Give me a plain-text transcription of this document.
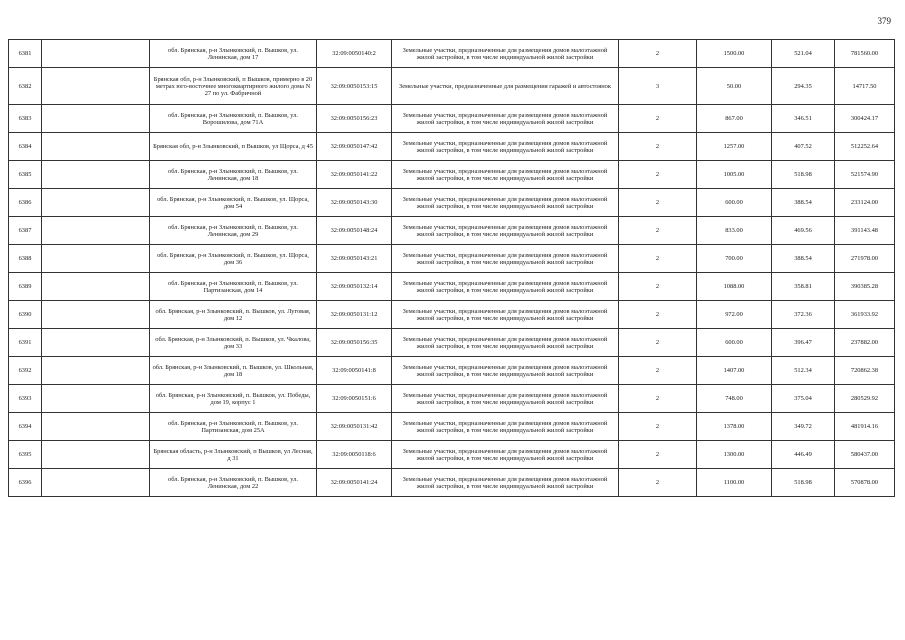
379
6381		обл. Брянская, р-н Злынковский, п. Вышков, ул. Ленинская, дом 17	32:09:0050140:2	Земельные участки, предназначенные для размещения домов малоэтажной жилой застройки, в том числе индивидуальной жилой застройки	2	1500.00	521.04	781560.00
6382		Брянская обл, р-н Злынковский, п Вышков, примерно в 20 метрах юго-восточнее многоквартирного жилого дома N 27 по ул. Фабричной	32:09:0050153:15	Земельные участки, предназначенные для размещения гаражей и автостоянок	3	50.00	294.35	14717.50
6383		обл. Брянская, р-н Злынковский, п. Вышков, ул. Ворошилова, дом 71А	32:09:0050156:23	Земельные участки, предназначенные для размещения домов малоэтажной жилой застройки, в том числе индивидуальной жилой застройки	2	867.00	346.51	300424.17
6384		Брянская обл, р-н Злынковский, п Вышков, ул Щорса, д 45	32:09:0050147:42	Земельные участки, предназначенные для размещения домов малоэтажной жилой застройки, в том числе индивидуальной жилой застройки	2	1257.00	407.52	512252.64
6385		обл. Брянская, р-н Злынковский, п. Вышков, ул. Ленинская, дом 18	32:09:0050141:22	Земельные участки, предназначенные для размещения домов малоэтажной жилой застройки, в том числе индивидуальной жилой застройки	2	1005.00	518.98	521574.90
6386		обл. Брянская, р-н Злынковский, п. Вышков, ул. Щорса, дом 54	32:09:0050143:30	Земельные участки, предназначенные для размещения домов малоэтажной жилой застройки, в том числе индивидуальной жилой застройки	2	600.00	388.54	233124.00
6387		обл. Брянская, р-н Злынковский, п. Вышков, ул. Ленинская, дом 29	32:09:0050148:24	Земельные участки, предназначенные для размещения домов малоэтажной жилой застройки, в том числе индивидуальной жилой застройки	2	833.00	469.56	391143.48
6388		обл. Брянская, р-н Злынковский, п. Вышков, ул. Щорса, дом 36	32:09:0050143:21	Земельные участки, предназначенные для размещения домов малоэтажной жилой застройки, в том числе индивидуальной жилой застройки	2	700.00	388.54	271978.00
6389		обл. Брянская, р-н Злынковский, п. Вышков, ул. Партизанская, дом 14	32:09:0050132:14	Земельные участки, предназначенные для размещения домов малоэтажной жилой застройки, в том числе индивидуальной жилой застройки	2	1088.00	358.81	390385.28
6390		обл. Брянская, р-н Злынковский, п. Вышков, ул. Луговая, дом 12	32:09:0050131:12	Земельные участки, предназначенные для размещения домов малоэтажной жилой застройки, в том числе индивидуальной жилой застройки	2	972.00	372.36	361933.92
6391		обл. Брянская, р-н Злынковский, п. Вышков, ул. Чкалова, дом 33	32:09:0050156:35	Земельные участки, предназначенные для размещения домов малоэтажной жилой застройки, в том числе индивидуальной жилой застройки	2	600.00	396.47	237882.00
6392		обл. Брянская, р-н Злынковский, п. Вышков, ул. Школьная, дом 18	32:09:0050141:8	Земельные участки, предназначенные для размещения домов малоэтажной жилой застройки, в том числе индивидуальной жилой застройки	2	1407.00	512.34	720862.38
6393		обл. Брянская, р-н Злынковский, п. Вышков, ул. Победы, дом 19, корпус 1	32:09:0050151:6	Земельные участки, предназначенные для размещения домов малоэтажной жилой застройки, в том числе индивидуальной жилой застройки	2	748.00	375.04	280529.92
6394		обл. Брянская, р-н Злынковский, п. Вышков, ул. Партизанская, дом 25А	32:09:0050131:42	Земельные участки, предназначенные для размещения домов малоэтажной жилой застройки, в том числе индивидуальной жилой застройки	2	1378.00	349.72	481914.16
6395		Брянская область, р-н Злынковский, п Вышков, ул Лесная, д 31	32:09:0050118:6	Земельные участки, предназначенные для размещения домов малоэтажной жилой застройки, в том числе индивидуальной жилой застройки	2	1300.00	446.49	580437.00
6396		обл. Брянская, р-н Злынковский, п. Вышков, ул. Ленинская, дом 22	32:09:0050141:24	Земельные участки, предназначенные для размещения домов малоэтажной жилой застройки, в том числе индивидуальной жилой застройки	2	1100.00	518.98	570878.00
